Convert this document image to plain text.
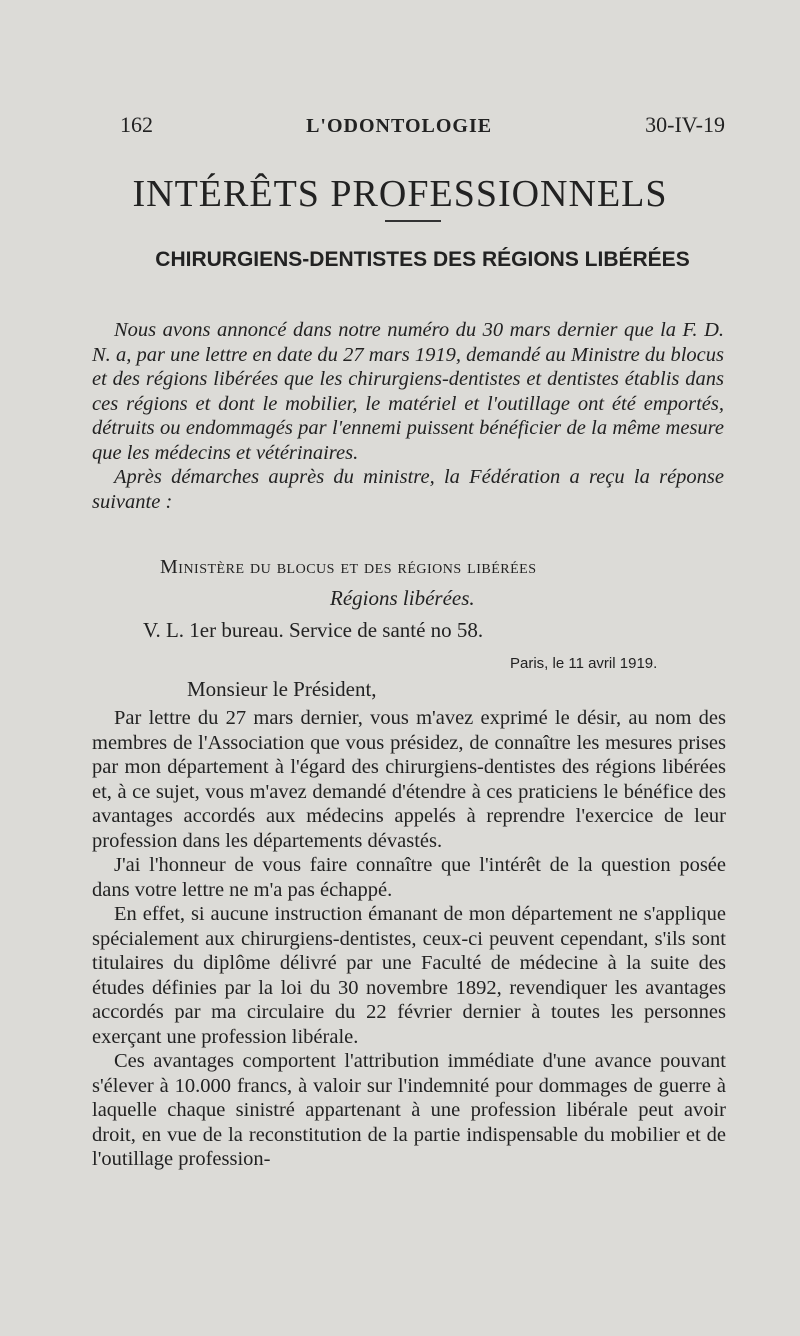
162	L'ODONTOLOGIE	30-IV-19
INTÉRÊTS PROFESSIONNELS
CHIRURGIENS-DENTISTES DES RÉGIONS LIBÉRÉES

Nous avons annoncé dans notre numéro du 30 mars dernier que la F. D. N. a, par une lettre en date du 27 mars 1919, demandé au Ministre du blocus et des régions libérées que les chirurgiens-dentistes et dentistes établis dans ces régions et dont le mobilier, le matériel et l'outillage ont été emportés, détruits ou endommagés par l'ennemi puissent bénéficier de la même mesure que les médecins et vétérinaires.

Après démarches auprès du ministre, la Fédération a reçu la réponse suivante :

Ministère du blocus et des régions libérées

Régions libérées.

V. L. 1er bureau. Service de santé no 58.

Paris, le 11 avril 1919.

Monsieur le Président,

Par lettre du 27 mars dernier, vous m'avez exprimé le désir, au nom des membres de l'Association que vous présidez, de connaître les mesures prises par mon département à l'égard des chirurgiens-dentistes des régions libérées et, à ce sujet, vous m'avez demandé d'étendre à ces praticiens le bénéfice des avantages accordés aux médecins appelés à reprendre l'exercice de leur profession dans les départements dévastés.

J'ai l'honneur de vous faire connaître que l'intérêt de la question posée dans votre lettre ne m'a pas échappé.

En effet, si aucune instruction émanant de mon département ne s'applique spécialement aux chirurgiens-dentistes, ceux-ci peuvent cependant, s'ils sont titulaires du diplôme délivré par une Faculté de médecine à la suite des études définies par la loi du 30 novembre 1892, revendiquer les avantages accordés par ma circulaire du 22 février dernier à toutes les personnes exerçant une profession libérale.

Ces avantages comportent l'attribution immédiate d'une avance pouvant s'élever à 10.000 francs, à valoir sur l'indemnité pour dommages de guerre à laquelle chaque sinistré appartenant à une profession libérale peut avoir droit, en vue de la reconstitution de la partie indispensable du mobilier et de l'outillage profession-
